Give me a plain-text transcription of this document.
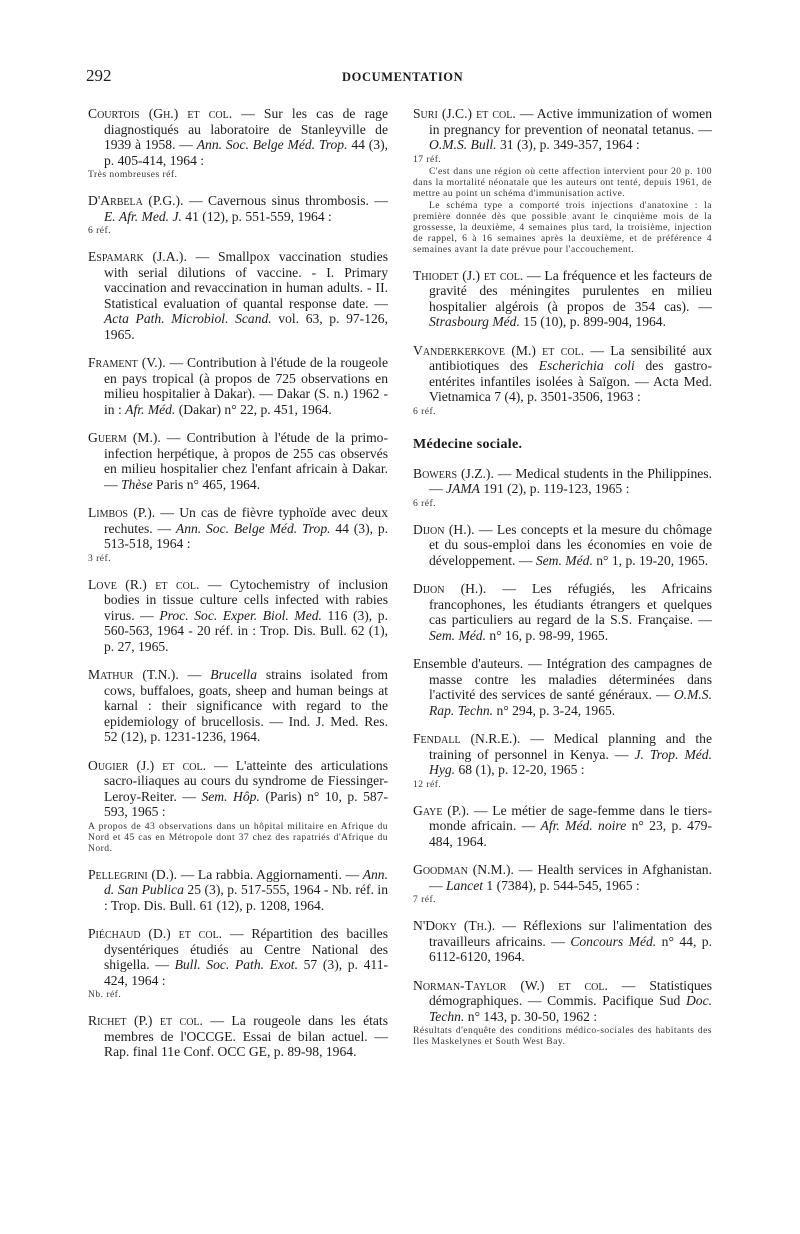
292	DOCUMENTATION
Courtois (Gh.) et col. — Sur les cas de rage diagnostiqués au laboratoire de Stanleyville de 1939 à 1958. — Ann. Soc. Belge Méd. Trop. 44 (3), p. 405-414, 1964 :
Très nombreuses réf.
D'Arbela (P.G.). — Cavernous sinus thrombosis. — E. Afr. Med. J. 41 (12), p. 551-559, 1964 :
6 réf.
Espamark (J.A.). — Smallpox vaccination studies with serial dilutions of vaccine. - I. Primary vaccination and revaccination in human adults. - II. Statistical evaluation of quantal response date. — Acta Path. Microbiol. Scand. vol. 63, p. 97-126, 1965.
Frament (V.). — Contribution à l'étude de la rougeole en pays tropical (à propos de 725 observations en milieu hospitalier à Dakar). — Dakar (S. n.) 1962 - in : Afr. Méd. (Dakar) n° 22, p. 451, 1964.
Guerm (M.). — Contribution à l'étude de la primo-infection herpétique, à propos de 255 cas observés en milieu hospitalier chez l'enfant africain à Dakar. — Thèse Paris n° 465, 1964.
Limbos (P.). — Un cas de fièvre typhoïde avec deux rechutes. — Ann. Soc. Belge Méd. Trop. 44 (3), p. 513-518, 1964 :
3 réf.
Love (R.) et col. — Cytochemistry of inclusion bodies in tissue culture cells infected with rabies virus. — Proc. Soc. Exper. Biol. Med. 116 (3), p. 560-563, 1964 - 20 réf. in : Trop. Dis. Bull. 62 (1), p. 27, 1965.
Mathur (T.N.). — Brucella strains isolated from cows, buffaloes, goats, sheep and human beings at karnal : their significance with regard to the epidemiology of brucellosis. — Ind. J. Med. Res. 52 (12), p. 1231-1236, 1964.
Ougier (J.) et col. — L'atteinte des articulations sacro-iliaques au cours du syndrome de Fiessinger-Leroy-Reiter. — Sem. Hôp. (Paris) n° 10, p. 587-593, 1965 :
A propos de 43 observations dans un hôpital militaire en Afrique du Nord et 45 cas en Métropole dont 37 chez des rapatriés d'Afrique du Nord.
Pellegrini (D.). — La rabbia. Aggiornamenti. — Ann. d. San Publica 25 (3), p. 517-555, 1964 - Nb. réf. in : Trop. Dis. Bull. 61 (12), p. 1208, 1964.
Piéchaud (D.) et col. — Répartition des bacilles dysentériques étudiés au Centre National des shigella. — Bull. Soc. Path. Exot. 57 (3), p. 411-424, 1964 :
Nb. réf.
Richet (P.) et col. — La rougeole dans les états membres de l'OCCGE. Essai de bilan actuel. — Rap. final 11e Conf. OCC GE, p. 89-98, 1964.
Suri (J.C.) et col. — Active immunization of women in pregnancy for prevention of neonatal tetanus. — O.M.S. Bull. 31 (3), p. 349-357, 1964 :
17 réf.
C'est dans une région où cette affection intervient pour 20 p. 100 dans la mortalité néonatale que les auteurs ont tenté, depuis 1961, de mettre au point un schéma d'immunisation active.
Le schéma type a comporté trois injections d'anatoxine : la première donnée dès que possible avant le cinquième mois de la grossesse, la deuxième, 4 semaines plus tard, la troisième, injection de rappel, 6 à 16 semaines après la deuxième, et de préférence 4 semaines avant la date prévue pour l'accouchement.
Thiodet (J.) et col. — La fréquence et les facteurs de gravité des méningites purulentes en milieu hospitalier algérois (à propos de 354 cas). — Strasbourg Méd. 15 (10), p. 899-904, 1964.
Vanderkerkove (M.) et col. — La sensibilité aux antibiotiques des Escherichia coli des gastro-entérites infantiles isolées à Saïgon. — Acta Med. Vietnamica 7 (4), p. 3501-3506, 1963 :
6 réf.
Médecine sociale.
Bowers (J.Z.). — Medical students in the Philippines. — JAMA 191 (2), p. 119-123, 1965 :
6 réf.
Dijon (H.). — Les concepts et la mesure du chômage et du sous-emploi dans les économies en voie de développement. — Sem. Méd. n° 1, p. 19-20, 1965.
Dijon (H.). — Les réfugiés, les Africains francophones, les étudiants étrangers et quelques cas particuliers au regard de la S.S. Française. — Sem. Méd. n° 16, p. 98-99, 1965.
Ensemble d'auteurs. — Intégration des campagnes de masse contre les maladies déterminées dans l'activité des services de santé généraux. — O.M.S. Rap. Techn. n° 294, p. 3-24, 1965.
Fendall (N.R.E.). — Medical planning and the training of personnel in Kenya. — J. Trop. Méd. Hyg. 68 (1), p. 12-20, 1965 :
12 réf.
Gaye (P.). — Le métier de sage-femme dans le tiers-monde africain. — Afr. Méd. noire n° 23, p. 479-484, 1964.
Goodman (N.M.). — Health services in Afghanistan. — Lancet 1 (7384), p. 544-545, 1965 :
7 réf.
N'Doky (Th.). — Réflexions sur l'alimentation des travailleurs africains. — Concours Méd. n° 44, p. 6112-6120, 1964.
Norman-Taylor (W.) et col. — Statistiques démographiques. — Commis. Pacifique Sud Doc. Techn. n° 143, p. 30-50, 1962 :
Résultats d'enquête des conditions médico-sociales des habitants des Iles Maskelynes et South West Bay.
